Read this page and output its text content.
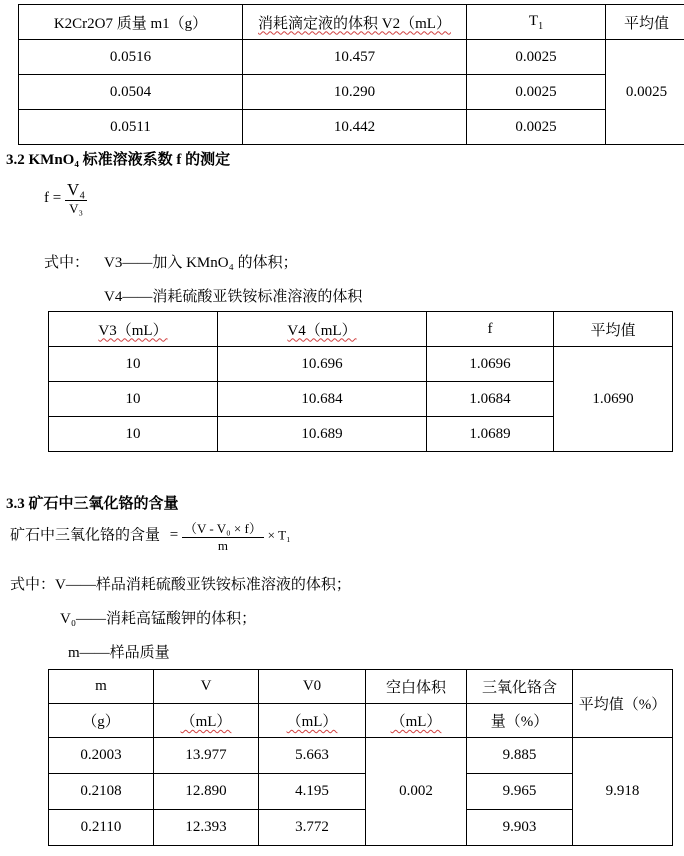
K2Cr2O7 质量 m1（g）	消耗滴定液的体积 V2（mL）	$T_1$	平均值
0.0516	10.457	0.0025	0.0025
0.0504	10.290	0.0025	
0.0511	10.442	0.0025	
3.2 KMnO₄ 标准溶液系数 f 的测定
$f = \frac{\text{V₄}}{\text{V₃}}$
式中： V3——加入 KMnO₄ 的体积；
V4——消耗硫酸亚铁铵标准溶液的体积
V3（mL）	V4（mL）	f	平均值
10	10.696	1.0696	1.0690
10	10.684	1.0684	
10	10.689	1.0689	
3.3 矿石中三氧化铬的含量
矿石中三氧化铬的含量 = $\frac{\text{（V - V₀ × f）}}{m} \times T_1$
式中：V——样品消耗硫酸亚铁铵标准溶液的体积；
V₀——消耗高锰酸钾的体积；
m——样品质量
m	V	V0	空白体积	三氧化铬含	平均值（%）
（g）	（mL）	（mL）	（mL）	量（%）	
0.2003	13.977	5.663	0.002	9.885	9.918
0.2108	12.890	4.195		9.965	
0.2110	12.393	3.772		9.903	
